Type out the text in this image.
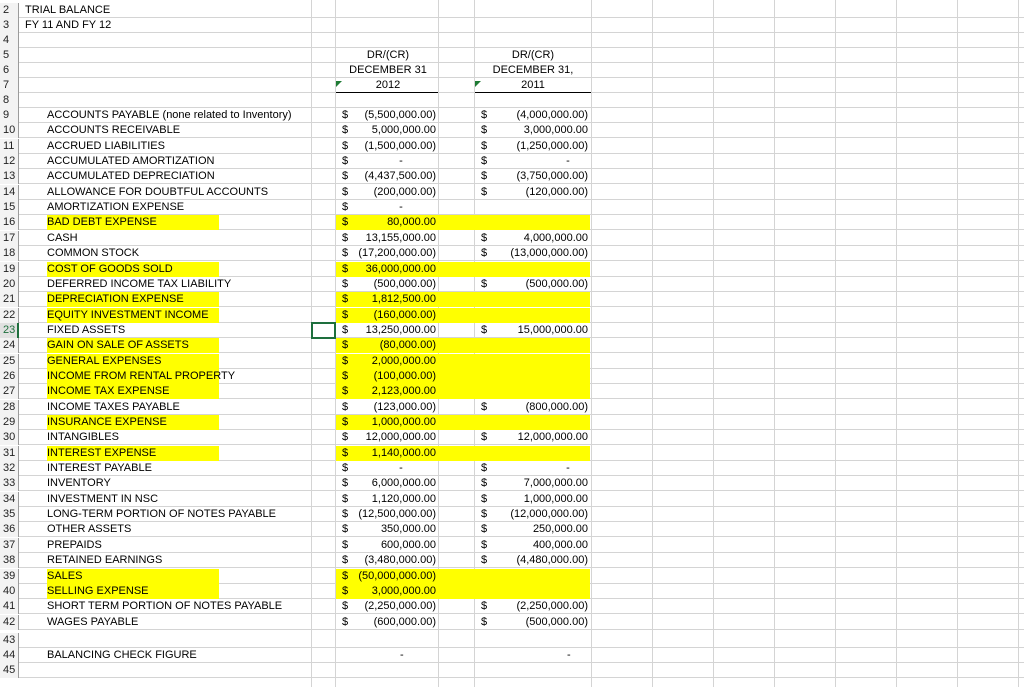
2	TRIAL BALANCE
3	FY 11 AND FY 12
4
5	DR/(CR)	DR/(CR)
6	DECEMBER 31	DECEMBER 31,
7	2012	2011
8
9	ACCOUNTS PAYABLE (none related to Inventory)	$	(5,500,000.00)	$	(4,000,000.00)
10	ACCOUNTS RECEIVABLE	$	5,000,000.00	$	3,000,000.00
11	ACCRUED LIABILITIES	$	(1,500,000.00)	$	(1,250,000.00)
12	ACCUMULATED AMORTIZATION	$	-	$	-
13	ACCUMULATED DEPRECIATION	$	(4,437,500.00)	$	(3,750,000.00)
14	ALLOWANCE FOR DOUBTFUL ACCOUNTS	$	(200,000.00)	$	(120,000.00)
15	AMORTIZATION EXPENSE	$	-
16	BAD DEBT EXPENSE	$	80,000.00
17	CASH	$	13,155,000.00	$	4,000,000.00
18	COMMON STOCK	$ (17,200,000.00)	$	(13,000,000.00)
19	COST OF GOODS SOLD	$	36,000,000.00
20	DEFERRED INCOME TAX LIABILITY	$	(500,000.00)	$	(500,000.00)
21	DEPRECIATION EXPENSE	$	1,812,500.00
22	EQUITY INVESTMENT INCOME	$	(160,000.00)
23	FIXED ASSETS	$	13,250,000.00	$	15,000,000.00
24	GAIN ON SALE OF ASSETS	$	(80,000.00)
25	GENERAL EXPENSES	$	2,000,000.00
26	INCOME FROM RENTAL PROPERTY	$	(100,000.00)
27	INCOME TAX EXPENSE	$	2,123,000.00
28	INCOME TAXES PAYABLE	$	(123,000.00)	$	(800,000.00)
29	INSURANCE EXPENSE	$	1,000,000.00
30	INTANGIBLES	$	12,000,000.00	$	12,000,000.00
31	INTEREST EXPENSE	$	1,140,000.00
32	INTEREST PAYABLE	$	-	$	-
33	INVENTORY	$	6,000,000.00	$	7,000,000.00
34	INVESTMENT IN NSC	$	1,120,000.00	$	1,000,000.00
35	LONG-TERM PORTION OF NOTES PAYABLE	$ (12,500,000.00)	$	(12,000,000.00)
36	OTHER ASSETS	$	350,000.00	$	250,000.00
37	PREPAIDS	$	600,000.00	$	400,000.00
38	RETAINED EARNINGS	$	(3,480,000.00)	$	(4,480,000.00)
39	SALES	$ (50,000,000.00)
40	SELLING EXPENSE	$	3,000,000.00
41	SHORT TERM PORTION OF NOTES PAYABLE	$	(2,250,000.00)	$	(2,250,000.00)
42	WAGES PAYABLE	$	(600,000.00)	$	(500,000.00)
43
44	BALANCING CHECK FIGURE	-	-
45
